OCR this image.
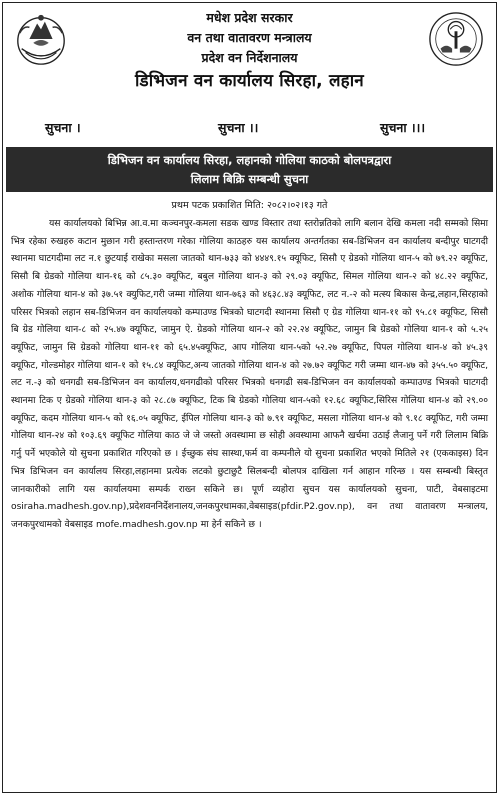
मधेश प्रदेश सरकार
वन तथा वातावरण मन्त्रालय
प्रदेश वन निर्देशनालय
डिभिजन वन कार्यालय सिरहा, लहान
सुचना ।	सुचना ।।	सुचना ।।।
डिभिजन वन कार्यालय सिरहा, लहानको गोलिया काठको बोलपत्रद्वारा
लिलाम बिक्रि सम्बन्धी सुचना
प्रथम पटक प्रकाशित मिति: २०८२।०२।१३ गते
यस कार्यालयको बिभिन्न आ.व.मा कञ्चनपुर-कमला सडक खण्ड विस्तार तथा स्तरोन्नतिको लागि बलान देखि कमला नदी सम्मको सिमा भित्र रहेका रुखहरु कटान मुछान गरी हस्तान्तरण गरेका गोलिया काठहरु यस कार्यालय अन्तर्गतका सब-डिभिजन वन कार्यालय बन्दीपुर घाटगदी स्थानमा घाटगदीमा लट न.१ छुटयाई राखेका मसला जातको थान-७३३ को ४४४९.१५ क्यूफिट, सिसौ ए ग्रेडको गोलिया थान-५ को ७९.२२ क्यूफिट, सिसौ बि ग्रेडको गोलिया थान-१६ को ८५.३० क्यूफिट, बबुल गोलिया थान-३ को २९.०३ क्यूफिट, सिमल गोलिया थान-२ को ४८.२२ क्यूफिट, अशोक गोलिया थान-४ को ३७.५१ क्युफिट,गरी जम्मा गोलिया थान-७६३ को ४६३८.४३ क्यूफिट, लट न.-२ को मत्स्य बिकास केन्द्र,लहान,सिरहाको परिसर भित्रको लहान सब-डिभिजन वन कार्यालयको कम्पाउण्ड भित्रको घाटगदी स्थानमा सिसौ ए ग्रेड गोलिया थान-११ को ९५.८१ क्यूफिट, सिसौ बि ग्रेड गोलिया थान-८ को २५.४७ क्यूफिट, जामुन ऐ. ग्रेडको गोलिया थान-२ को २२.२४ क्यूफिट, जामुन बि ग्रेडको गोलिया थान-१ को ५.२५ क्यूफिट, जामुन सि ग्रेडको गोलिया थान-११ को ६५.४५क्यूफिट, आप गोलिया थान-५को ५२.२७ क्यूफिट, पिपल गोलिया थान-४ को ४५.३९ क्यूफिट, गोल्डमोहर गोलिया थान-१ को १५.८४ क्यूफिट,अन्य जातको गोलिया थान-४ को २७.७२ क्यूफिट गरी जम्मा थान-४७ को ३५५.५० क्यूफिट, लट न.-३ को धनगढी सब-डिभिजन वन कार्यालय,धनगढीको परिसर भित्रको धनगढी सब-डिभिजन वन कार्यालयको कम्पाउण्ड भित्रको घाटगदी स्थानमा टिक ए ग्रेडको गोलिया थान-३ को २८.८७ क्यूफिट, टिक बि ग्रेडको गोलिया थान-५को १२.६८ क्यूफिट,सिरिस गोलिया थान-४ को २९.०० क्यूफिट, कदम गोलिया थान-५ को १६.०५ क्यूफिट, ईपिल गोलिया थान-३ को ७.९१ क्यूफिट, मसला गोलिया थान-४ को ९.१८ क्यूफिट, गरी जम्मा गोलिया थान-२४ को १०३.६९ क्यूफिट गोलिया काठ जे जे जस्तो अवस्थामा छ सोही अवस्थामा आफनै खर्चमा उठाई लैजानु पर्ने गरी लिलाम बिक्रि गर्नु पर्ने भएकोले यो सुचना प्रकाशित गरिएको छ । ईच्छुक संघ सास्था,फर्म वा कम्पनीले यो सुचना प्रकाशित भएको मितिले २१ (एककाइस) दिन भित्र डिभिजन वन कार्यालय सिरहा,लहानमा प्रत्येक लटको छुटाछुटै सिलबन्दी बोलपत्र दाखिला गर्न आहान गरिन्छ । यस सम्बन्धी बिस्तृत जानकारीको लागि यस कार्यालयमा सम्पर्क राख्न सकिने छ। पूर्ण व्यहोरा सुचन यस कार्यालयको सुचना, पाटी, वेबसाइटमा osiraha.madhesh.gov.np),प्रदेशवननिर्देशनालय,जनकपुरधामका,वेबसाइड(pfdir.P2.gov.np), वन तथा वातावरण मन्त्रालय, जनकपुरधामको वेबसाइड mofe.madhesh.gov.np मा हेर्न सकिने छ ।
